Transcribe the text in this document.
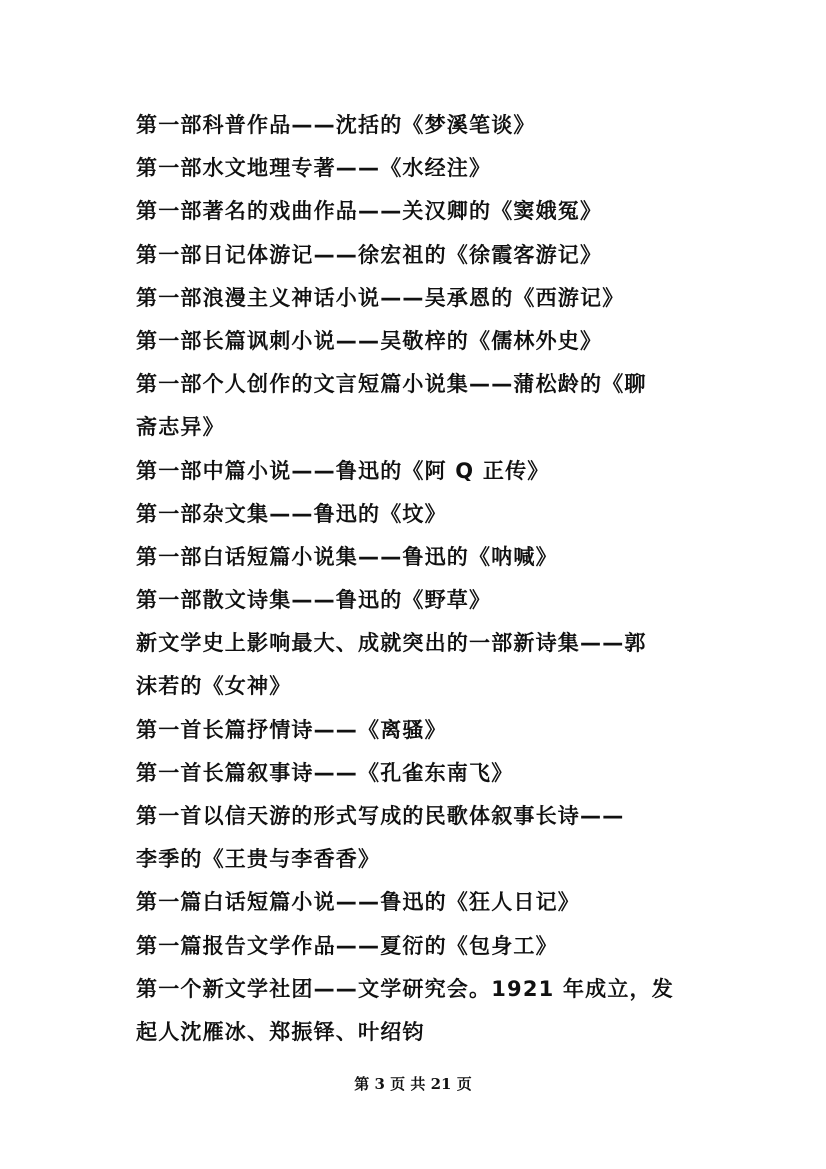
第一部科普作品——沈括的《梦溪笔谈》
第一部水文地理专著——《水经注》
第一部著名的戏曲作品——关汉卿的《窦娥冤》
第一部日记体游记——徐宏祖的《徐霞客游记》
第一部浪漫主义神话小说——吴承恩的《西游记》
第一部长篇讽刺小说——吴敬梓的《儒林外史》
第一部个人创作的文言短篇小说集——蒲松龄的《聊
斋志异》
第一部中篇小说——鲁迅的《阿 Q 正传》
第一部杂文集——鲁迅的《坟》
第一部白话短篇小说集——鲁迅的《呐喊》
第一部散文诗集——鲁迅的《野草》
新文学史上影响最大、成就突出的一部新诗集——郭
沫若的《女神》
第一首长篇抒情诗——《离骚》
第一首长篇叙事诗——《孔雀东南飞》
第一首以信天游的形式写成的民歌体叙事长诗——
李季的《王贵与李香香》
第一篇白话短篇小说——鲁迅的《狂人日记》
第一篇报告文学作品——夏衍的《包身工》
第一个新文学社团——文学研究会。1921 年成立，发
起人沈雁冰、郑振铎、叶绍钧
第 3 页 共 21 页
